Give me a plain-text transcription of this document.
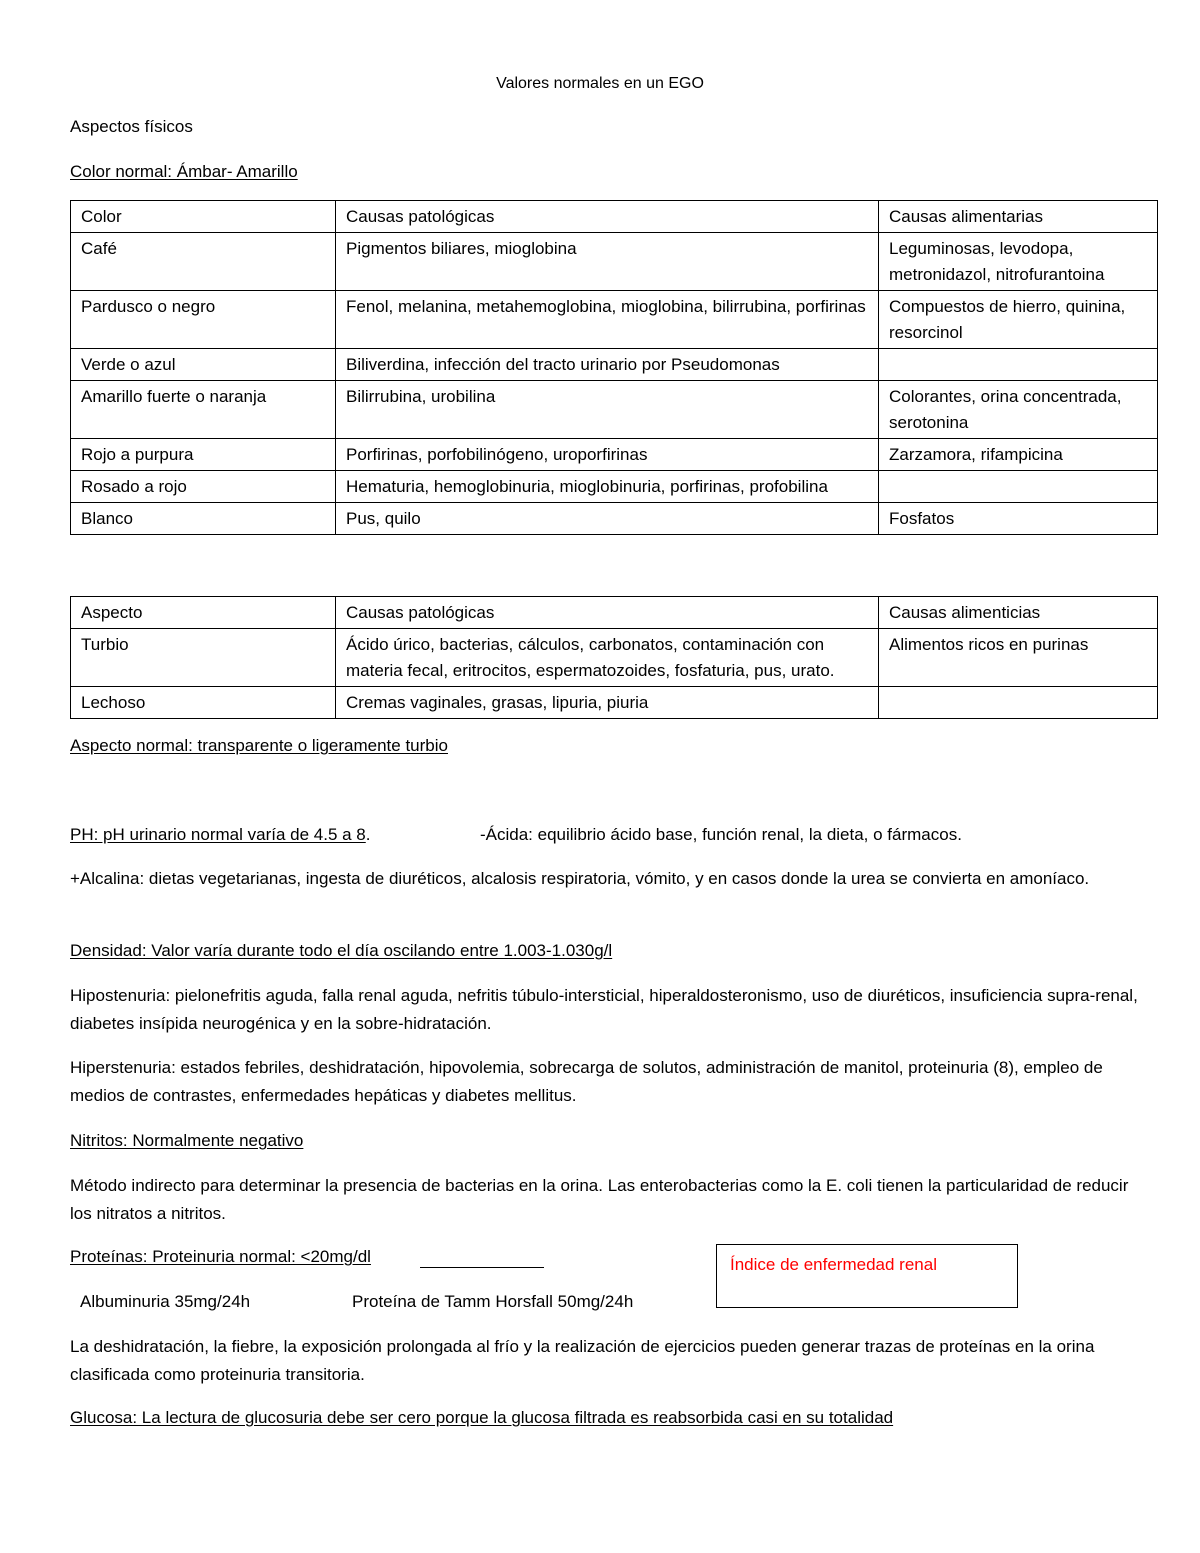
Valores normales en un EGO
Aspectos físicos
Color normal: Ámbar- Amarillo
Color	Causas patológicas	Causas alimentarias
Café	Pigmentos biliares, mioglobina	Leguminosas, levodopa, metronidazol, nitrofurantoina
Pardusco o negro	Fenol, melanina, metahemoglobina, mioglobina, bilirrubina, porfirinas	Compuestos de hierro, quinina, resorcinol
Verde o azul	Biliverdina, infección del tracto urinario por Pseudomonas	
Amarillo fuerte o naranja	Bilirrubina, urobilina	Colorantes, orina concentrada, serotonina
Rojo a purpura	Porfirinas, porfobilinógeno, uroporfirinas	Zarzamora, rifampicina
Rosado a rojo	Hematuria, hemoglobinuria, mioglobinuria, porfirinas, profobilina	
Blanco	Pus, quilo	Fosfatos
Aspecto	Causas patológicas	Causas alimenticias
Turbio	Ácido úrico, bacterias, cálculos, carbonatos, contaminación con materia fecal, eritrocitos, espermatozoides, fosfaturia, pus, urato.	Alimentos ricos en purinas
Lechoso	Cremas vaginales, grasas, lipuria, piuria	
Aspecto normal: transparente o ligeramente turbio
PH: pH urinario normal varía de 4.5 a 8.	-Ácida: equilibrio ácido base, función renal, la dieta, o fármacos.
+Alcalina: dietas vegetarianas, ingesta de diuréticos, alcalosis respiratoria, vómito, y en casos donde la urea se convierta en amoníaco.
Densidad: Valor varía durante todo el día oscilando entre 1.003-1.030g/l
Hipostenuria: pielonefritis aguda, falla renal aguda, nefritis túbulo-intersticial, hiperaldosteronismo, uso de diuréticos, insuficiencia supra-renal, diabetes insípida neurogénica y en la sobre-hidratación.
Hiperstenuria: estados febriles, deshidratación, hipovolemia, sobrecarga de solutos, administración de manitol, proteinuria (8), empleo de medios de contrastes, enfermedades hepáticas y diabetes mellitus.
Nitritos: Normalmente negativo
Método indirecto para determinar la presencia de bacterias en la orina. Las enterobacterias como la E. coli tienen la particularidad de reducir los nitratos a nitritos.
Proteínas: Proteinuria normal: <20mg/dl
Albuminuria 35mg/24h	Proteína de Tamm Horsfall 50mg/24h
Índice de enfermedad renal
La deshidratación, la fiebre, la exposición prolongada al frío y la realización de ejercicios pueden generar trazas de proteínas en la orina clasificada como proteinuria transitoria.
Glucosa: La lectura de glucosuria debe ser cero porque la glucosa filtrada es reabsorbida casi en su totalidad
